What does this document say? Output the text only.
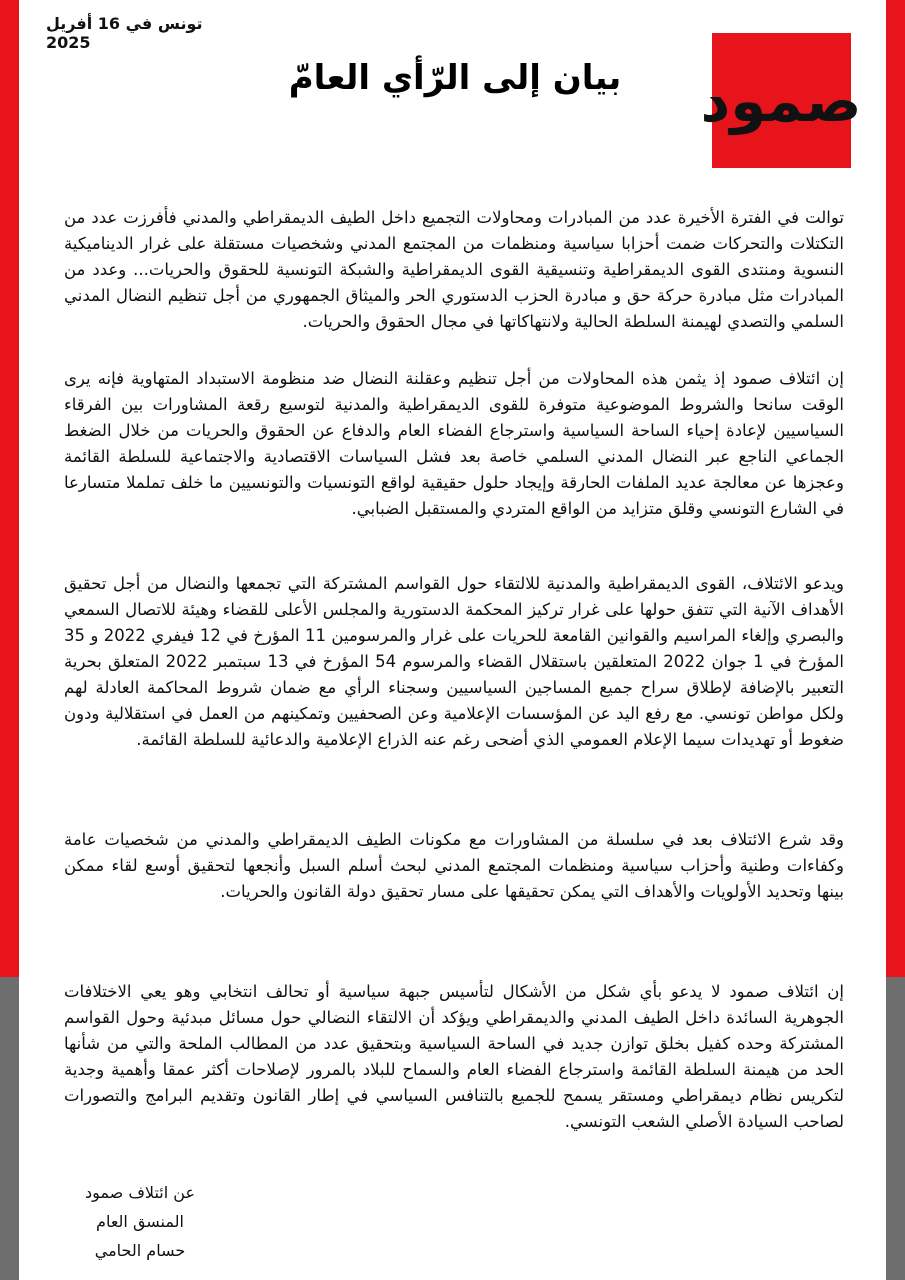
تونس في 16 أفريل 2025
بيان إلى الرّأي العامّ	صمود

توالت في الفترة الأخيرة عدد من المبادرات ومحاولات التجميع داخل الطيف الديمقراطي والمدني فأفرزت عدد من التكتلات والتحركات ضمت أحزابا سياسية ومنظمات من المجتمع المدني وشخصيات مستقلة على غرار الديناميكية النسوية ومنتدى القوى الديمقراطية وتنسيقية القوى الديمقراطية والشبكة التونسية للحقوق والحريات... وعدد من المبادرات مثل مبادرة حركة حق و مبادرة الحزب الدستوري الحر والميثاق الجمهوري من أجل تنظيم النضال المدني السلمي والتصدي لهيمنة السلطة الحالية ولانتهاكاتها في مجال الحقوق والحريات.

إن ائتلاف صمود إذ يثمن هذه المحاولات من أجل تنظيم وعقلنة النضال ضد منظومة الاستبداد المتهاوية فإنه يرى الوقت سانحا والشروط الموضوعية متوفرة للقوى الديمقراطية والمدنية لتوسيع رقعة المشاورات بين الفرقاء السياسيين لإعادة إحياء الساحة السياسية واسترجاع الفضاء العام والدفاع عن الحقوق والحريات من خلال الضغط الجماعي الناجع عبر النضال المدني السلمي خاصة بعد فشل السياسات الاقتصادية والاجتماعية للسلطة القائمة وعجزها عن معالجة عديد الملفات الحارقة وإيجاد حلول حقيقية لواقع التونسيات والتونسيين ما خلف تململا متسارعا في الشارع التونسي وقلق متزايد من الواقع المتردي والمستقبل الضبابي.

ويدعو الائتلاف، القوى الديمقراطية والمدنية للالتقاء حول القواسم المشتركة التي تجمعها والنضال من أجل تحقيق الأهداف الآنية التي تتفق حولها على غرار تركيز المحكمة الدستورية والمجلس الأعلى للقضاء وهيئة للاتصال السمعي والبصري وإلغاء المراسيم والقوانين القامعة للحريات على غرار والمرسومين 11 المؤرخ في 12 فيفري 2022 و 35 المؤرخ في 1 جوان 2022 المتعلقين باستقلال القضاء والمرسوم 54 المؤرخ في 13 سبتمبر 2022 المتعلق بحرية التعبير بالإضافة لإطلاق سراح جميع المساجين السياسيين وسجناء الرأي مع ضمان شروط المحاكمة العادلة لهم ولكل مواطن تونسي. مع رفع اليد عن المؤسسات الإعلامية وعن الصحفيين وتمكينهم من العمل في استقلالية ودون ضغوط أو تهديدات سيما الإعلام العمومي الذي أضحى رغم عنه الذراع الإعلامية والدعائية للسلطة القائمة.

وقد شرع الائتلاف بعد في سلسلة من المشاورات مع مكونات الطيف الديمقراطي والمدني من شخصيات عامة وكفاءات وطنية وأحزاب سياسية ومنظمات المجتمع المدني لبحث أسلم السبل وأنجعها لتحقيق أوسع لقاء ممكن بينها وتحديد الأولويات والأهداف التي يمكن تحقيقها على مسار تحقيق دولة القانون والحريات.

إن ائتلاف صمود لا يدعو بأي شكل من الأشكال لتأسيس جبهة سياسية أو تحالف انتخابي وهو يعي الاختلافات الجوهرية السائدة داخل الطيف المدني والديمقراطي ويؤكد أن الالتقاء النضالي حول مسائل مبدئية وحول القواسم المشتركة وحده كفيل بخلق توازن جديد في الساحة السياسية وبتحقيق عدد من المطالب الملحة والتي من شأنها الحد من هيمنة السلطة القائمة واسترجاع الفضاء العام والسماح للبلاد بالمرور لإصلاحات أكثر عمقا وأهمية وجدية لتكريس نظام ديمقراطي ومستقر يسمح للجميع بالتنافس السياسي في إطار القانون وتقديم البرامج والتصورات لصاحب السيادة الأصلي الشعب التونسي.

عن ائتلاف صمود
المنسق العام
حسام الحامي
